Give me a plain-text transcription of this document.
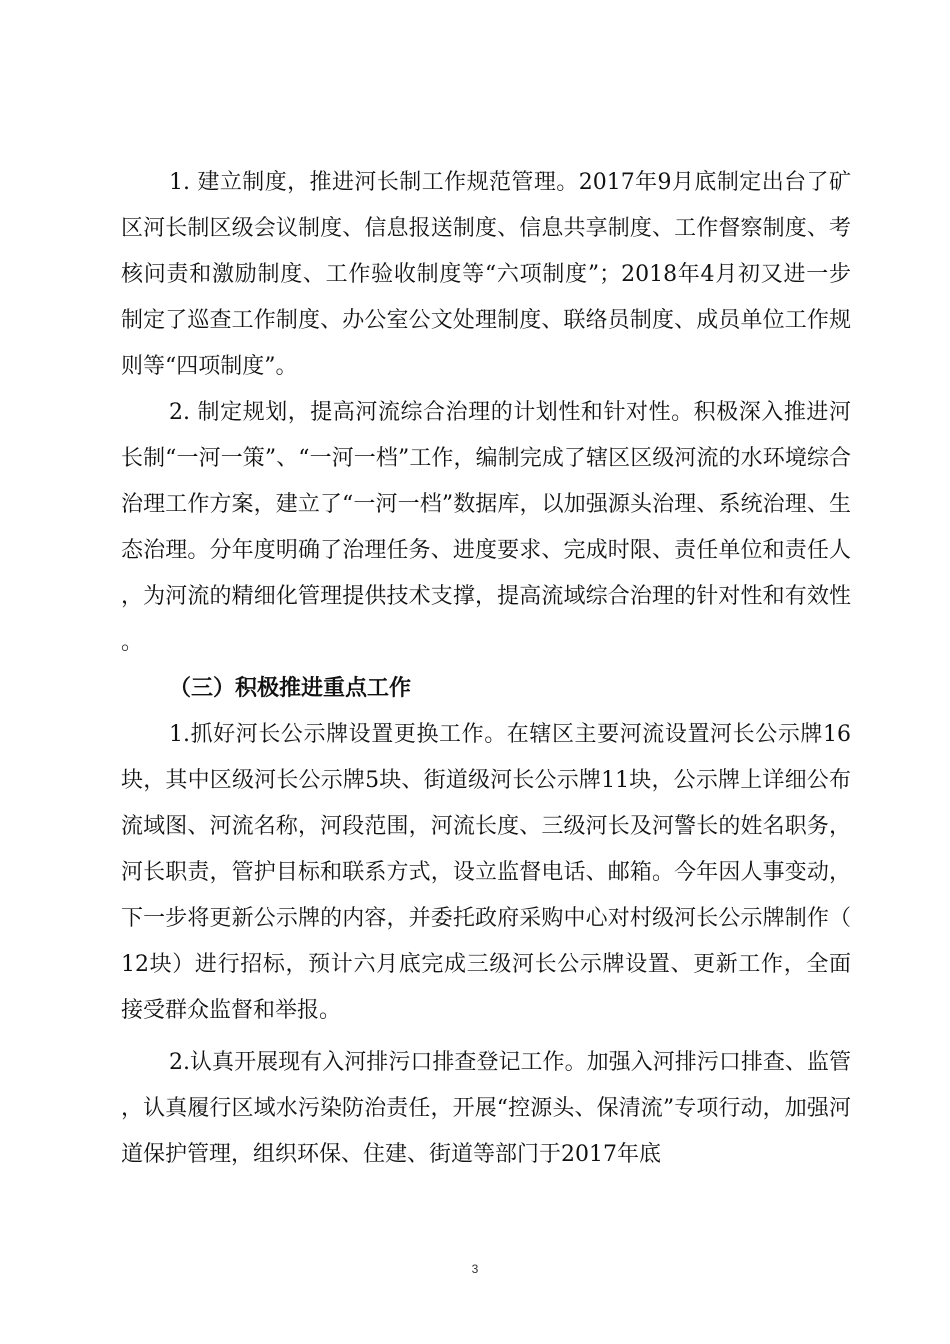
1. 建立制度，推进河长制工作规范管理。2017年9月底制定出台了矿区河长制区级会议制度、信息报送制度、信息共享制度、工作督察制度、考核问责和激励制度、工作验收制度等“六项制度”；2018年4月初又进一步制定了巡查工作制度、办公室公文处理制度、联络员制度、成员单位工作规则等“四项制度”。

2. 制定规划，提高河流综合治理的计划性和针对性。积极深入推进河长制“一河一策”、“一河一档”工作，编制完成了辖区区级河流的水环境综合治理工作方案，建立了“一河一档”数据库，以加强源头治理、系统治理、生态治理。分年度明确了治理任务、进度要求、完成时限、责任单位和责任人，为河流的精细化管理提供技术支撑，提高流域综合治理的针对性和有效性。

（三）积极推进重点工作

1.抓好河长公示牌设置更换工作。在辖区主要河流设置河长公示牌16块，其中区级河长公示牌5块、街道级河长公示牌11块，公示牌上详细公布流域图、河流名称，河段范围，河流长度、三级河长及河警长的姓名职务，河长职责，管护目标和联系方式，设立监督电话、邮箱。今年因人事变动，下一步将更新公示牌的内容，并委托政府采购中心对村级河长公示牌制作（12块）进行招标，预计六月底完成三级河长公示牌设置、更新工作，全面接受群众监督和举报。

2.认真开展现有入河排污口排查登记工作。加强入河排污口排查、监管，认真履行区域水污染防治责任，开展“控源头、保清流”专项行动，加强河道保护管理，组织环保、住建、街道等部门于2017年底

3
